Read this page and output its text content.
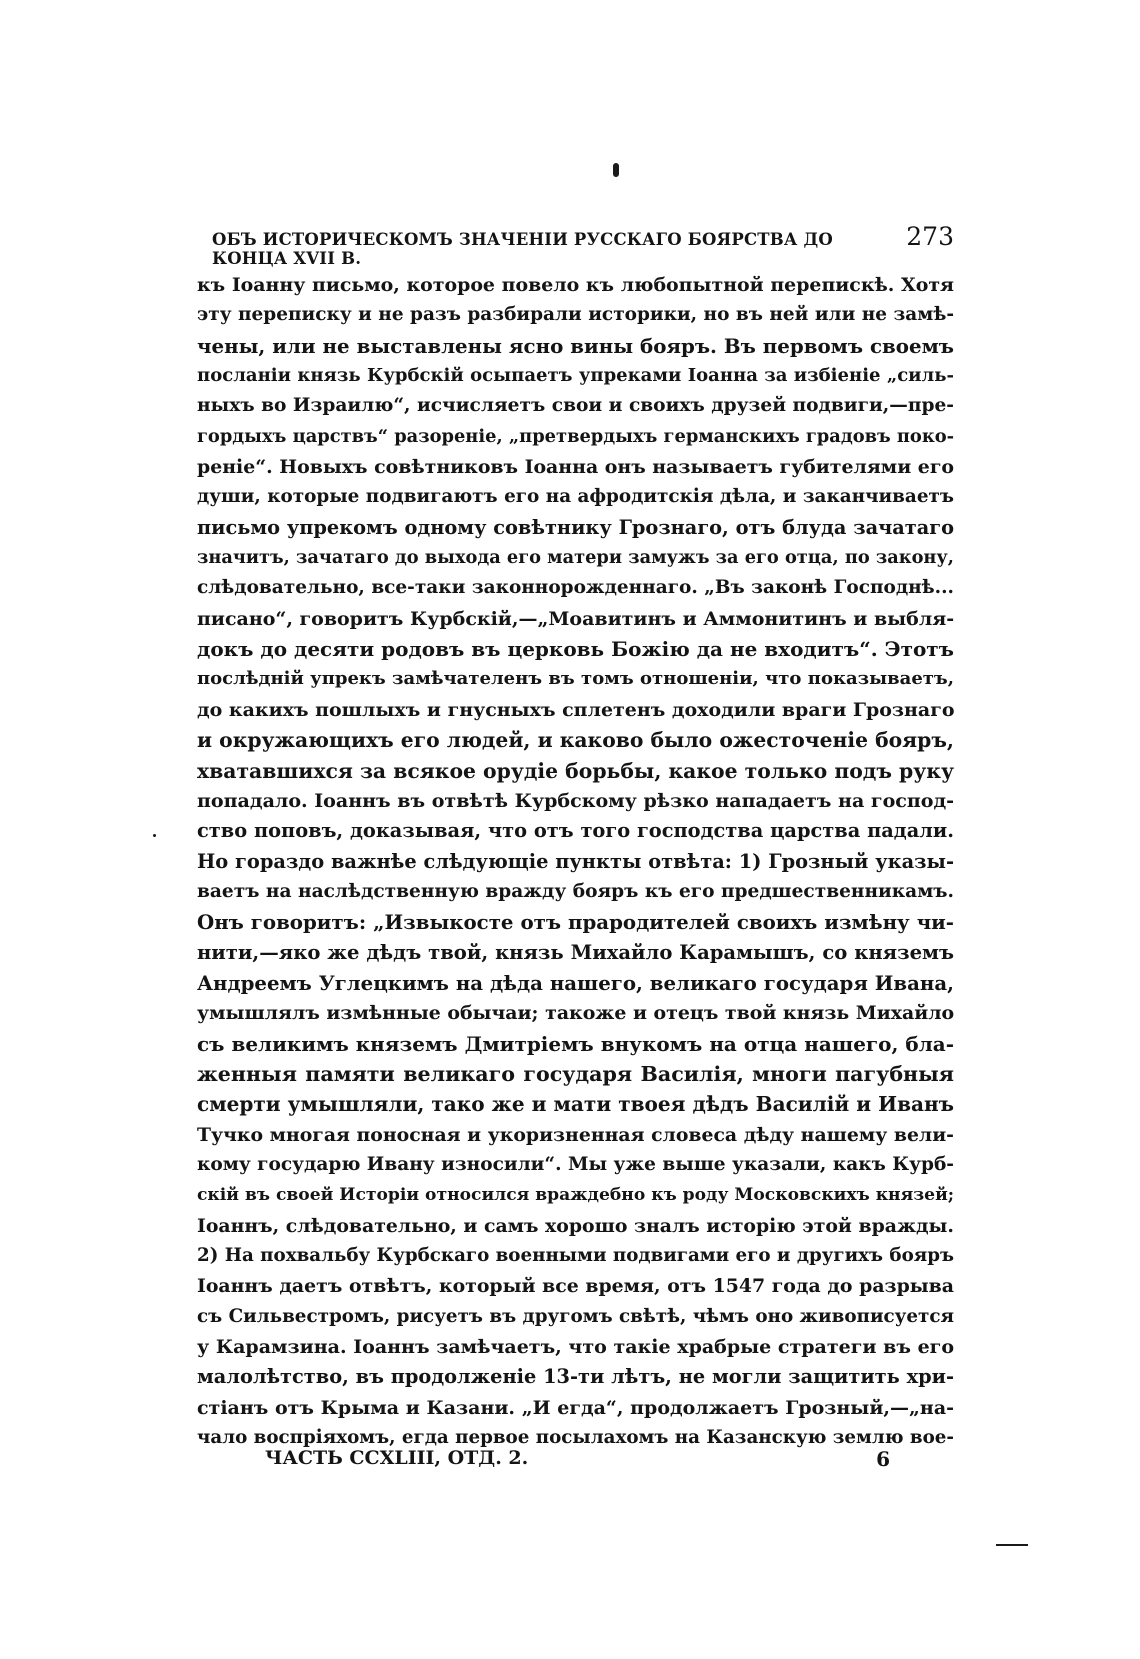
ОБЪ ИСТОРИЧЕСКОМЪ ЗНАЧЕНІИ РУССКАГО БОЯРСТВА ДО КОНЦА XVII В.
273
къ Іоанну письмо, которое повело къ любопытной перепискѣ. Хотя
эту переписку и не разъ разбирали историки, но въ ней или не замѣ-
чены, или не выставлены ясно вины бояръ. Въ первомъ своемъ
посланіи князь Курбскій осыпаетъ упреками Іоанна за избіеніе „силь-
ныхъ во Израилю“, исчисляетъ свои и своихъ друзей подвиги,—пре-
гордыхъ царствъ“ разореніе, „претвердыхъ германскихъ градовъ поко-
реніе“. Новыхъ совѣтниковъ Іоанна онъ называетъ губителями его
души, которые подвигаютъ его на афродитскія дѣла, и заканчиваетъ
письмо упрекомъ одному совѣтнику Грознаго, отъ блуда зачатаго
значитъ, зачатаго до выхода его матери замужъ за его отца, по закону,
слѣдовательно, все-таки законнорожденнаго. „Въ законѣ Господнѣ...
писано“, говоритъ Курбскій,—„Моавитинъ и Аммонитинъ и выбля-
докъ до десяти родовъ въ церковь Божію да не входитъ“. Этотъ
послѣдній упрекъ замѣчателенъ въ томъ отношеніи, что показываетъ,
до какихъ пошлыхъ и гнусныхъ сплетенъ доходили враги Грознаго
и окружающихъ его людей, и каково было ожесточеніе бояръ,
хватавшихся за всякое орудіе борьбы, какое только подъ руку
попадало. Іоаннъ въ отвѣтѣ Курбскому рѣзко нападаетъ на господ-
ство поповъ, доказывая, что отъ того господства царства падали.
Но гораздо важнѣе слѣдующіе пункты отвѣта: 1) Грозный указы-
ваетъ на наслѣдственную вражду бояръ къ его предшественникамъ.
Онъ говоритъ: „Извыкосте отъ прародителей своихъ измѣну чи-
нити,—яко же дѣдъ твой, князь Михайло Карамышъ, со княземъ
Андреемъ Углецкимъ на дѣда нашего, великаго государя Ивана,
умышлялъ измѣнные обычаи; такоже и отецъ твой князь Михайло
съ великимъ княземъ Дмитріемъ внукомъ на отца нашего, бла-
женныя памяти великаго государя Василія, многи пагубныя
смерти умышляли, тако же и мати твоея дѣдъ Василій и Иванъ
Тучко многая поносная и укоризненная словеса дѣду нашему вели-
кому государю Ивану износили“. Мы уже выше указали, какъ Курб-
скій въ своей Исторіи относился враждебно къ роду Московскихъ князей;
Іоаннъ, слѣдовательно, и самъ хорошо зналъ исторію этой вражды.
2) На похвальбу Курбскаго военными подвигами его и другихъ бояръ
Іоаннъ даетъ отвѣтъ, который все время, отъ 1547 года до разрыва
съ Сильвестромъ, рисуетъ въ другомъ свѣтѣ, чѣмъ оно живописуется
у Карамзина. Іоаннъ замѣчаетъ, что такіе храбрые стратеги въ его
малолѣтство, въ продолженіе 13-ти лѣтъ, не могли защитить хри-
стіанъ отъ Крыма и Казани. „И егда“, продолжаетъ Грозный,—„на-
чало воспріяхомъ, егда первое посылахомъ на Казанскую землю вое-
ЧАСТЬ CCXLIII, ОТД. 2.	6
